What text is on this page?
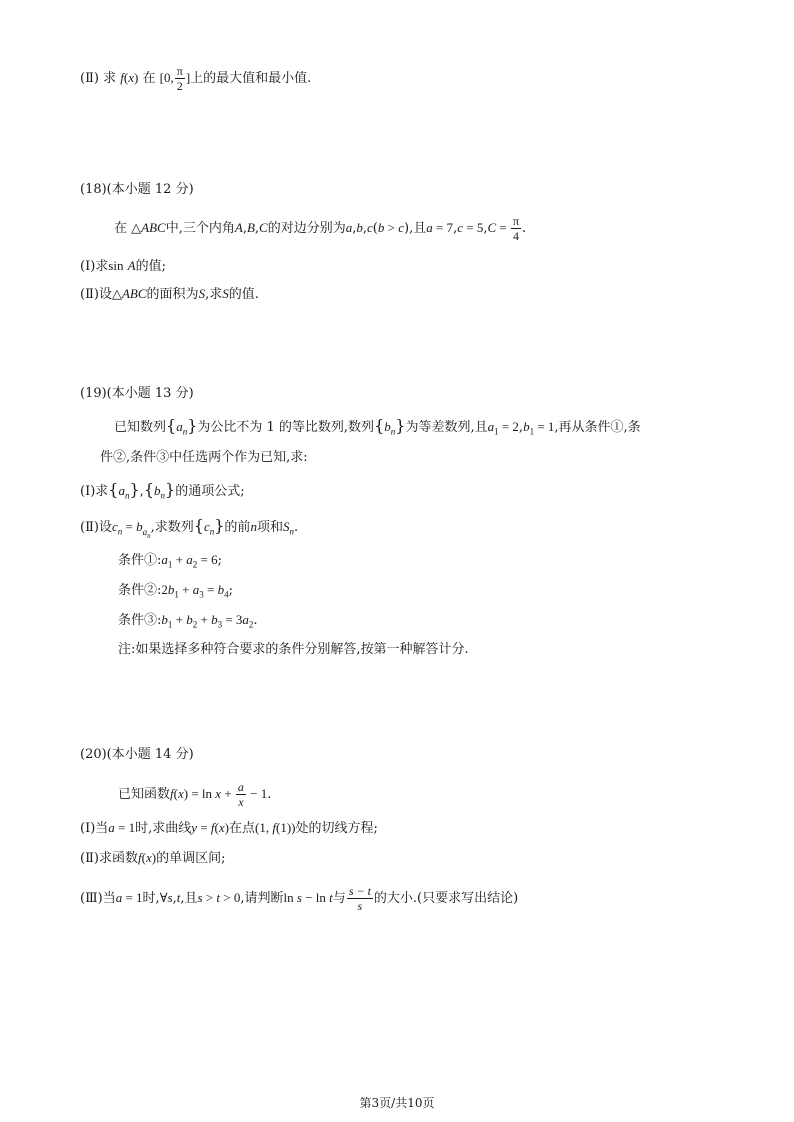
(Ⅱ) 求 f(x) 在 [0, $\frac{\pi}{2}$ ]上的最大值和最小值.
(18)(本小题 12 分)
在 △ABC中,三个内角A,B,C的对边分别为a,b,c(b > c),且$a = 7,c = 5,C = \frac{\pi}{4}$ .
(Ⅰ)求sin A的值;
(Ⅱ)设△ABC的面积为S,求S的值.
(19)(本小题 13 分)
已知数列$\{a_n\}$为公比不为 1 的等比数列,数列$\{b_n\}$为等差数列,且$a_1 = 2,b_1 = 1$,再从条件①,条
件②,条件③中任选两个作为已知,求:
(Ⅰ)求$\{a_n\},\{b_n\}$的通项公式;
(Ⅱ)设$c_n = b_{a_n}$,求数列$\{c_n\}$的前n项和$S_n$.
条件$①:a_1 + a_2 = 6$;
条件$②:2b_1 + a_3 = b_4$;
条件$③:b_1 + b_2 + b_3 = 3a_2$.
注:如果选择多种符合要求的条件分别解答,按第一种解答计分.
(20)(本小题 14 分)
已知函数$f(x) = \ln x + \frac{a}{x} - 1$.
(Ⅰ)当a = 1时,求曲线y = f(x)在点(1, f(1))处的切线方程;
(Ⅱ)求函数f(x)的单调区间;
(Ⅲ)当a = 1时,∀s,t,且s > t > 0,请判断ln s − ln t与 $\frac{s - t}{s}$ 的大小.(只要求写出结论)
第3页/共10页
